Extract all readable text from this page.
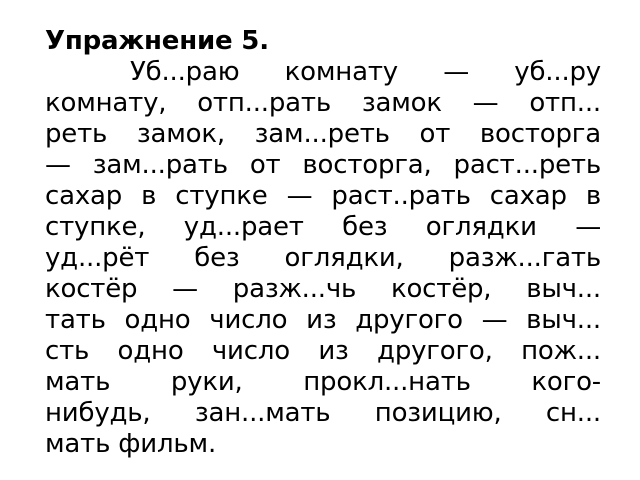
Упражнение 5.
Уб...раю комнату — уб...ру
комнату, отп...рать замок — отп...
реть замок, зам...реть от восторга
— зам...рать от восторга, раст...реть
сахар в ступке — раст..рать сахар в
ступке, уд...рает без оглядки —
уд...рёт без оглядки, разж...гать
костёр — разж...чь костёр, выч...
тать одно число из другого — выч...
сть одно число из другого, пож...
мать руки, прокл...нать кого-
нибудь, зан...мать позицию, сн...
мать фильм.
